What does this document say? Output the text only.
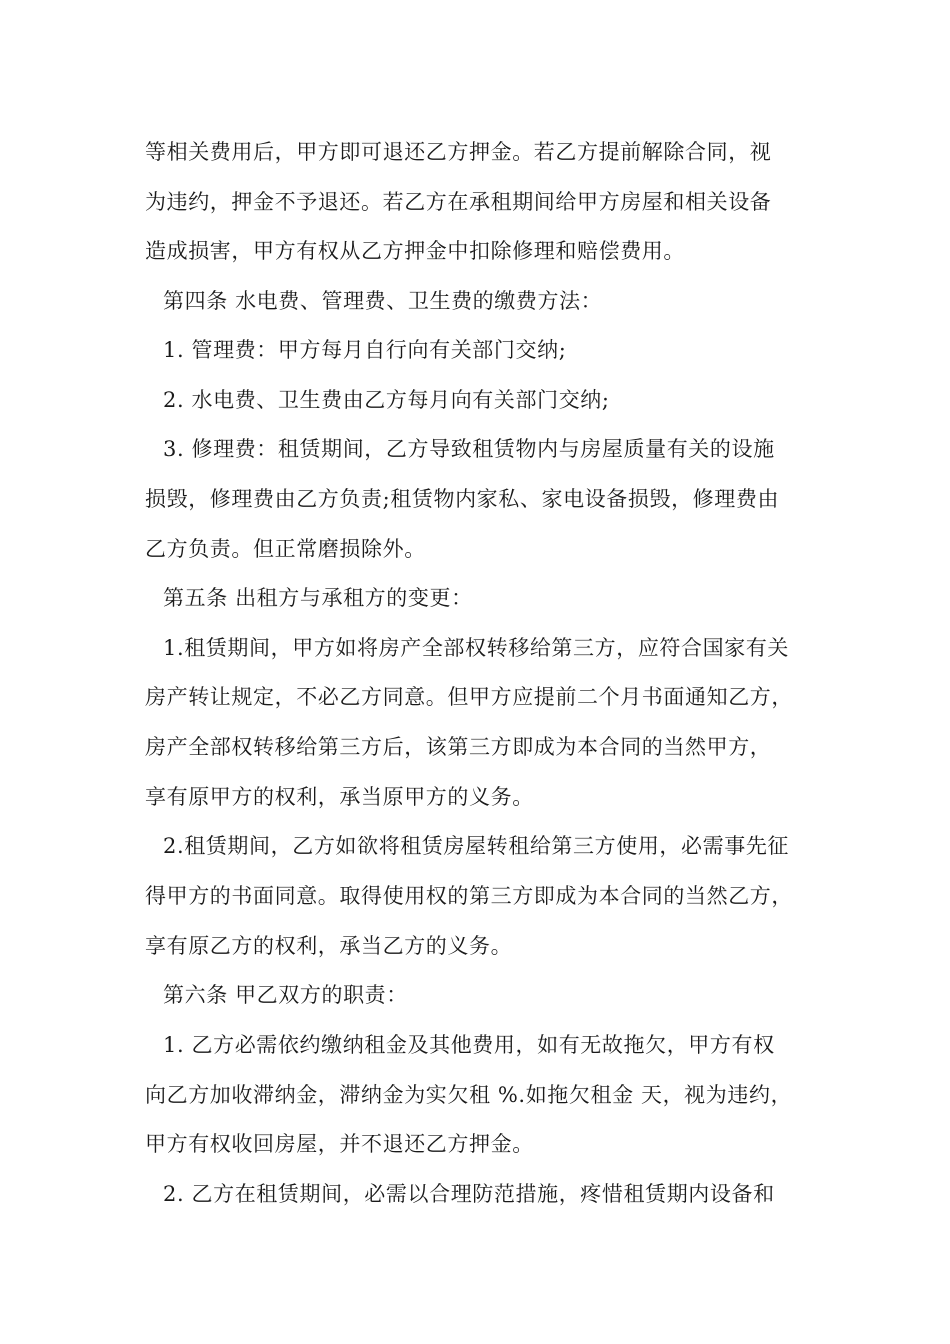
等相关费用后，甲方即可退还乙方押金。若乙方提前解除合同，视
为违约，押金不予退还。若乙方在承租期间给甲方房屋和相关设备
造成损害，甲方有权从乙方押金中扣除修理和赔偿费用。
第四条 水电费、管理费、卫生费的缴费方法：
1. 管理费：甲方每月自行向有关部门交纳;
2. 水电费、卫生费由乙方每月向有关部门交纳;
3. 修理费：租赁期间，乙方导致租赁物内与房屋质量有关的设施
损毁，修理费由乙方负责;租赁物内家私、家电设备损毁，修理费由
乙方负责。但正常磨损除外。
第五条 出租方与承租方的变更：
1.租赁期间，甲方如将房产全部权转移给第三方，应符合国家有关
房产转让规定，不必乙方同意。但甲方应提前二个月书面通知乙方，
房产全部权转移给第三方后，该第三方即成为本合同的当然甲方，
享有原甲方的权利，承当原甲方的义务。
2.租赁期间，乙方如欲将租赁房屋转租给第三方使用，必需事先征
得甲方的书面同意。取得使用权的第三方即成为本合同的当然乙方，
享有原乙方的权利，承当乙方的义务。
第六条 甲乙双方的职责：
1. 乙方必需依约缴纳租金及其他费用，如有无故拖欠，甲方有权
向乙方加收滞纳金，滞纳金为实欠租 %.如拖欠租金 天，视为违约，
甲方有权收回房屋，并不退还乙方押金。
2. 乙方在租赁期间，必需以合理防范措施，疼惜租赁期内设备和
